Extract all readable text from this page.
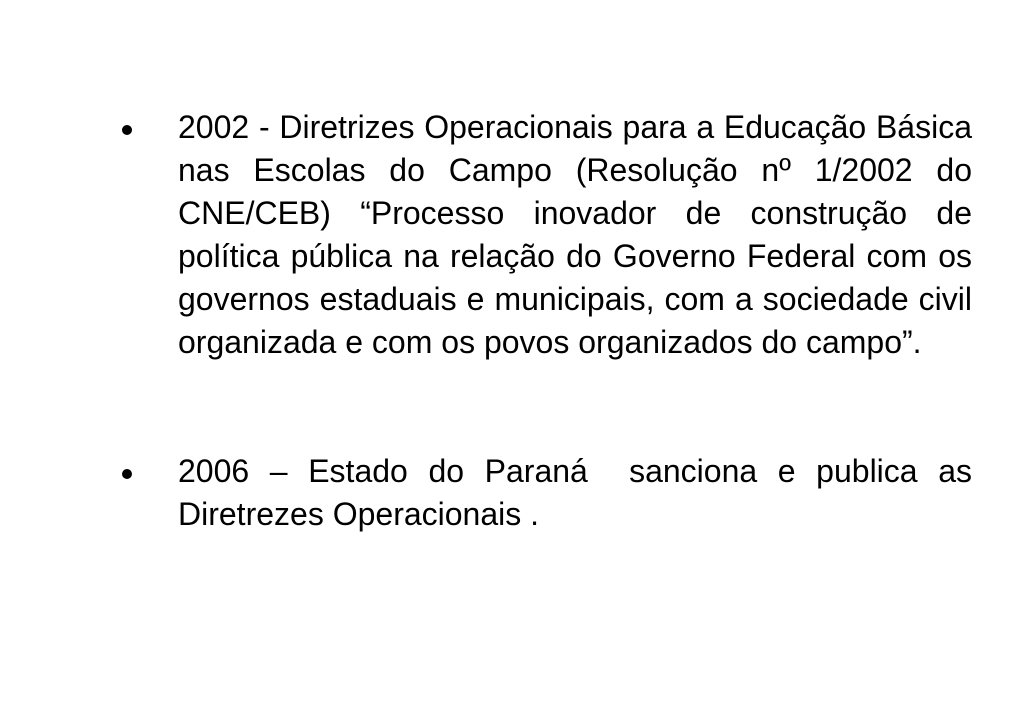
2002 - Diretrizes Operacionais para a Educação Básica nas Escolas do Campo (Resolução nº 1/2002 do CNE/CEB) “Processo inovador de construção de política pública na relação do Governo Federal com os governos estaduais e municipais, com a sociedade civil organizada e com os povos organizados do campo”.
2006 – Estado do Paraná  sanciona e publica as Diretrezes Operacionais .
